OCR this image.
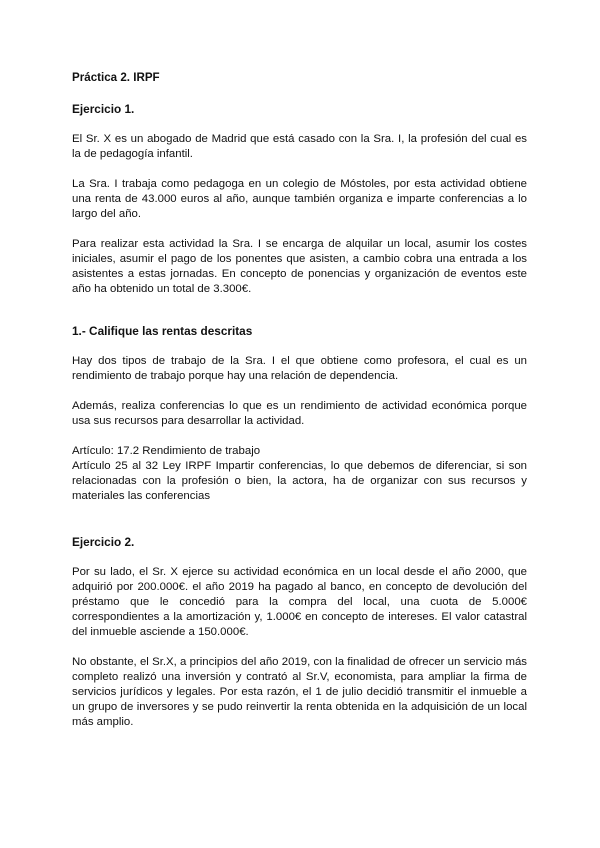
Práctica 2. IRPF
Ejercicio 1.

El Sr. X es un abogado de Madrid que está casado con la Sra. I, la profesión del cual es la de pedagogía infantil.

La Sra. I trabaja como pedagoga en un colegio de Móstoles, por esta actividad obtiene una renta de 43.000 euros al año, aunque también organiza e imparte conferencias a lo largo del año.

Para realizar esta actividad la Sra. I se encarga de alquilar un local, asumir los costes iniciales, asumir el pago de los ponentes que asisten, a cambio cobra una entrada a los asistentes a estas jornadas. En concepto de ponencias y organización de eventos este año ha obtenido un total de 3.300€.

1.- Califique las rentas descritas

Hay dos tipos de trabajo de la Sra. I el que obtiene como profesora, el cual es un rendimiento de trabajo porque hay una relación de dependencia.

Además, realiza conferencias lo que es un rendimiento de actividad económica porque usa sus recursos para desarrollar la actividad.

Artículo: 17.2 Rendimiento de trabajo

Artículo 25 al 32 Ley IRPF Impartir conferencias, lo que debemos de diferenciar, si son relacionadas con la profesión o bien, la actora, ha de organizar con sus recursos y materiales las conferencias

Ejercicio 2.

Por su lado, el Sr. X ejerce su actividad económica en un local desde el año 2000, que adquirió por 200.000€. el año 2019 ha pagado al banco, en concepto de devolución del préstamo que le concedió para la compra del local, una cuota de 5.000€ correspondientes a la amortización y, 1.000€ en concepto de intereses. El valor catastral del inmueble asciende a 150.000€.

No obstante, el Sr.X, a principios del año 2019, con la finalidad de ofrecer un servicio más completo realizó una inversión y contrató al Sr.V, economista, para ampliar la firma de servicios jurídicos y legales. Por esta razón, el 1 de julio decidió transmitir el inmueble a un grupo de inversores y se pudo reinvertir la renta obtenida en la adquisición de un local más amplio.
